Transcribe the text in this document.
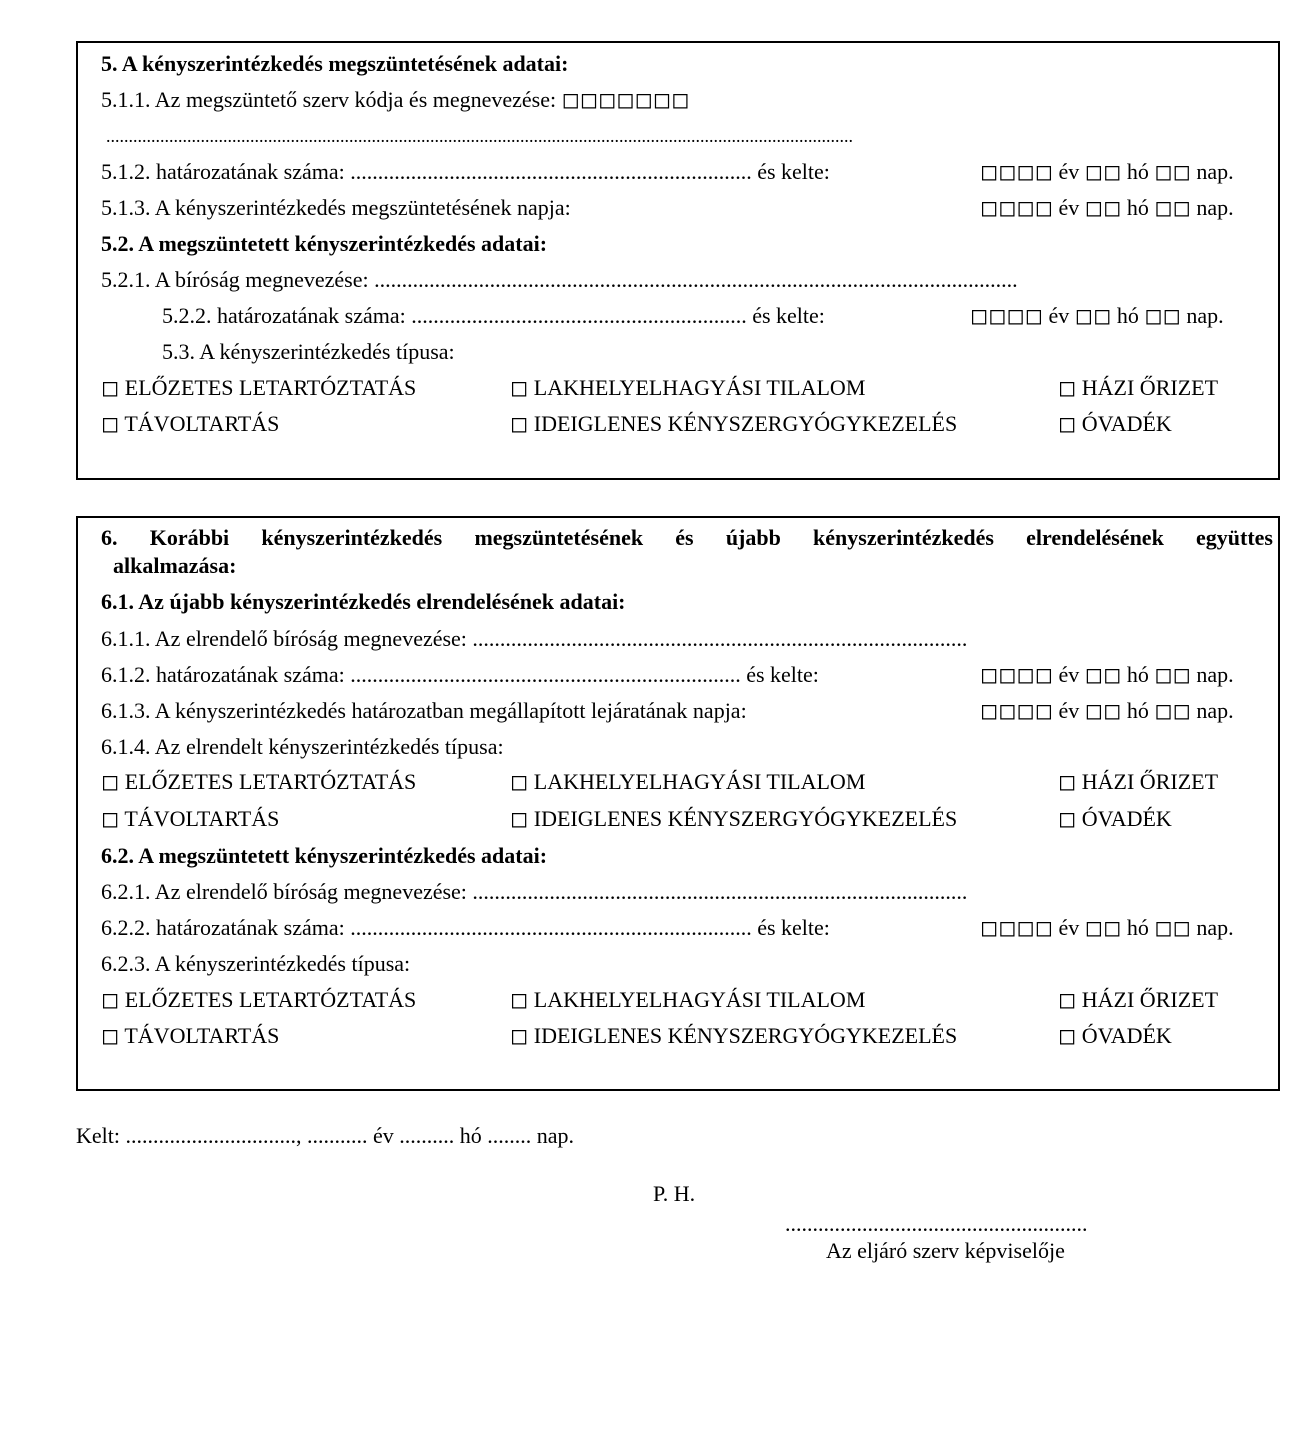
5. A kényszerintézkedés megszüntetésének adatai:
5.1.1. Az megszüntető szerv kódja és megnevezése: ◻◻◻◻◻◻◻
......................................................................................................................................................................
5.1.2. határozatának száma: ......................................................................... és kelte:	◻◻◻◻ év ◻◻ hó ◻◻ nap.
5.1.3. A kényszerintézkedés megszüntetésének napja:	◻◻◻◻ év ◻◻ hó ◻◻ nap.
5.2. A megszüntetett kényszerintézkedés adatai:
5.2.1. A bíróság megnevezése: .....................................................................................................................
5.2.2. határozatának száma: ............................................................. és kelte:	◻◻◻◻ év ◻◻ hó ◻◻ nap.
5.3. A kényszerintézkedés típusa:
◻ ELŐZETES LETARTÓZTATÁS	◻ LAKHELYELHAGYÁSI TILALOM	◻ HÁZI ŐRIZET
◻ TÁVOLTARTÁS	◻ IDEIGLENES KÉNYSZERGYÓGYKEZELÉS	◻ ÓVADÉK
6. Korábbi kényszerintézkedés megszüntetésének és újabb kényszerintézkedés elrendelésének együttes
alkalmazása:
6.1. Az újabb kényszerintézkedés elrendelésének adatai:
6.1.1. Az elrendelő bíróság megnevezése: ..........................................................................................
6.1.2. határozatának száma: ....................................................................... és kelte:	◻◻◻◻ év ◻◻ hó ◻◻ nap.
6.1.3. A kényszerintézkedés határozatban megállapított lejáratának napja:	◻◻◻◻ év ◻◻ hó ◻◻ nap.
6.1.4. Az elrendelt kényszerintézkedés típusa:
◻ ELŐZETES LETARTÓZTATÁS	◻ LAKHELYELHAGYÁSI TILALOM	◻ HÁZI ŐRIZET
◻ TÁVOLTARTÁS	◻ IDEIGLENES KÉNYSZERGYÓGYKEZELÉS	◻ ÓVADÉK
6.2. A megszüntetett kényszerintézkedés adatai:
6.2.1. Az elrendelő bíróság megnevezése: ..........................................................................................
6.2.2. határozatának száma: ......................................................................... és kelte:	◻◻◻◻ év ◻◻ hó ◻◻ nap.
6.2.3. A kényszerintézkedés típusa:
◻ ELŐZETES LETARTÓZTATÁS	◻ LAKHELYELHAGYÁSI TILALOM	◻ HÁZI ŐRIZET
◻ TÁVOLTARTÁS	◻ IDEIGLENES KÉNYSZERGYÓGYKEZELÉS	◻ ÓVADÉK
Kelt: ..............................., ........... év .......... hó ........ nap.
P. H.
.......................................................
Az eljáró szerv képviselője
